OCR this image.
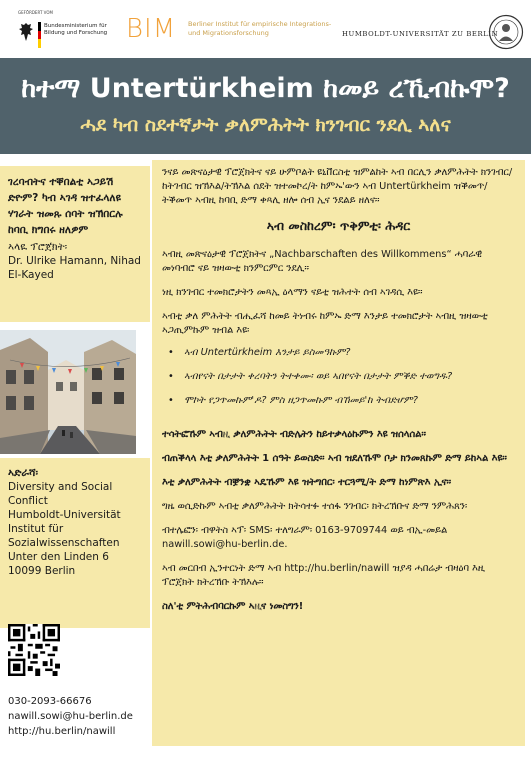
GEFÖRDERT VOM
Bundesministerium für Bildung und Forschung BIM Berliner Institut für empirische Integrations- und Migrationsforschung	HUMBOLDT-UNIVERSITÄT ZU BERLIN
ከተማ Untertürkheim ከመይ ረኺብኩሞ?
ሓደ ካብ ስደተኛታት ቃለምሕትት ክንገብር ንደሊ ኣለና
ገረባብትና ተቐበልቲ ኣጋይሽ ድዮም? ካብ ኣገዳ ዝተፈላለዩ ሃገራት ዝመጹ ሰባት ዝኽበርሉ ከባቢ ክግበሩ ዘለዎም
ኣላዪ ፕሮጀክት፡
Dr. Ulrike Hamann, Nihad El-Kayed
ኣድራሻ፡
Diversity and Social
Conflict
Humboldt-Universität
Institut für
Sozialwissenschaften
Unter den Linden 6
10099 Berlin
030-2093-66676
nawill.sowi@hu-berlin.de
http://hu.berlin/nawill
ንናይ መጽናዕታዊ ፕሮጀክትና ናይ ሁምቦልት ዩኒቨርስቲ ዝምልከት ኣብ በርሊን ቃለምሕትት ክንገብር/ከትገብር ዝኽእል/ትኽእል ሰደት ዝተመኮረ/ት ከምኡ'ውን ኣብ Untertürkheim ዝቕመጥ/ትቕመጥ ኣብዚ ከባቢ ድማ ቀጻሊ ዘሎ ሰብ ኢና ንደልይ ዘለና።
ኣብ መስከረም፡ ጥቅምቲ፡ ሕዳር
ኣብዚ መጽናዕታዊ ፕሮጀክትና „Nachbarschaften des Willkommens“ ሓባራዊ መነባብሮ ናይ ዝዛውቲ ክንምርምር ንደሊ።
ነዚ ክንገብር ተመክሮታትን መጻኢ ዕላማን ናይቲ ዝሕተት ሰብ ኣገዳሲ እዩ።
ኣብቲ ቃለ ምሕትት ብሒፈሻ ከመይ ትነብሩ ከምኡ ድማ እንታይ ተመክሮታት ኣብዚ ዝዛውቲ ኣጋጢምኩም ዝብል እዩ፡
• ኣብ Untertürkheim እንታይ ይስመዓኩም?
• ኣብየናት በታታት ቀረባትን ትተቀሙ፡ ወይ ኣበየናት በታታት ምቕድ ተወግዱ?
• ሞኮት የጋጥመኩም'ዶ? ምስ ዘጋጥመኩም ብኸመይ'ከ ትብድሆም?
ተሳትፎኹም ኣብዚ ቃለምሕትት ብድሌትን ከይተቃላዕኩምን እዩ ዝሰላሰል።
ብጠቕላላ እቲ ቃለምሕትት 1 ሰዓት ይወስድ። ኣብ ዝደለኹሞ ቦታ ክንመጸኩም ድማ ይከኣል እዩ።
እቲ ቃለምሕትት ብቛንቋ ኣዴኹም እዩ ዝትግበር፡ ተርጓሚ/ት ድማ ከነምጽእ ኢና።
ግዜ ወሲድኩም ኣብቲ ቃለምሕትት ክትሳተፉ ተሰፋ ንገብር፡ ክትረኽቡና ድማ ንምሕጸን፡
ብተሌፎን፡ ብዋትስ ኣፕ፡ SMS፡ ተለግራም፡ 0163-9709744 ወይ ብኢ-መይል nawill.sowi@hu-berlin.de.
ኣብ መርበብ ኢንተርነት ድማ ኣብ http://hu.berlin/nawill ዝያዳ ሓበሬታ ብዛዕባ እዚ ፕሮጀክት ክትረኽቡ ትኽእሉ።
ስለ'ቲ ምትሕብባርኩም ኣዚና ነመስግን!
